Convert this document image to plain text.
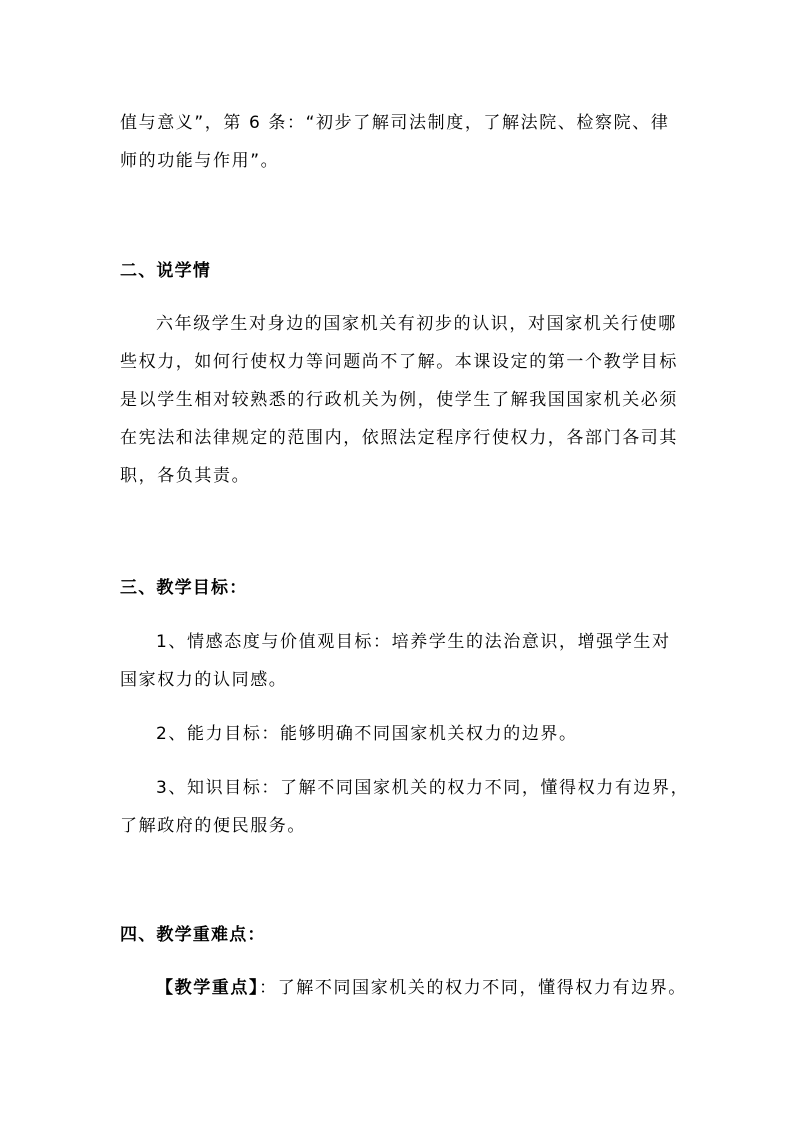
值与意义”，第 6 条：“初步了解司法制度，了解法院、检察院、律
师的功能与作用”。
二、说学情
六年级学生对身边的国家机关有初步的认识，对国家机关行使哪
些权力，如何行使权力等问题尚不了解。本课设定的第一个教学目标
是以学生相对较熟悉的行政机关为例，使学生了解我国国家机关必须
在宪法和法律规定的范围内，依照法定程序行使权力，各部门各司其
职，各负其责。
三、教学目标：
1、情感态度与价值观目标：培养学生的法治意识，增强学生对
国家权力的认同感。
2、能力目标：能够明确不同国家机关权力的边界。
3、知识目标：了解不同国家机关的权力不同，懂得权力有边界，
了解政府的便民服务。
四、教学重难点：
【教学重点】：了解不同国家机关的权力不同，懂得权力有边界。
